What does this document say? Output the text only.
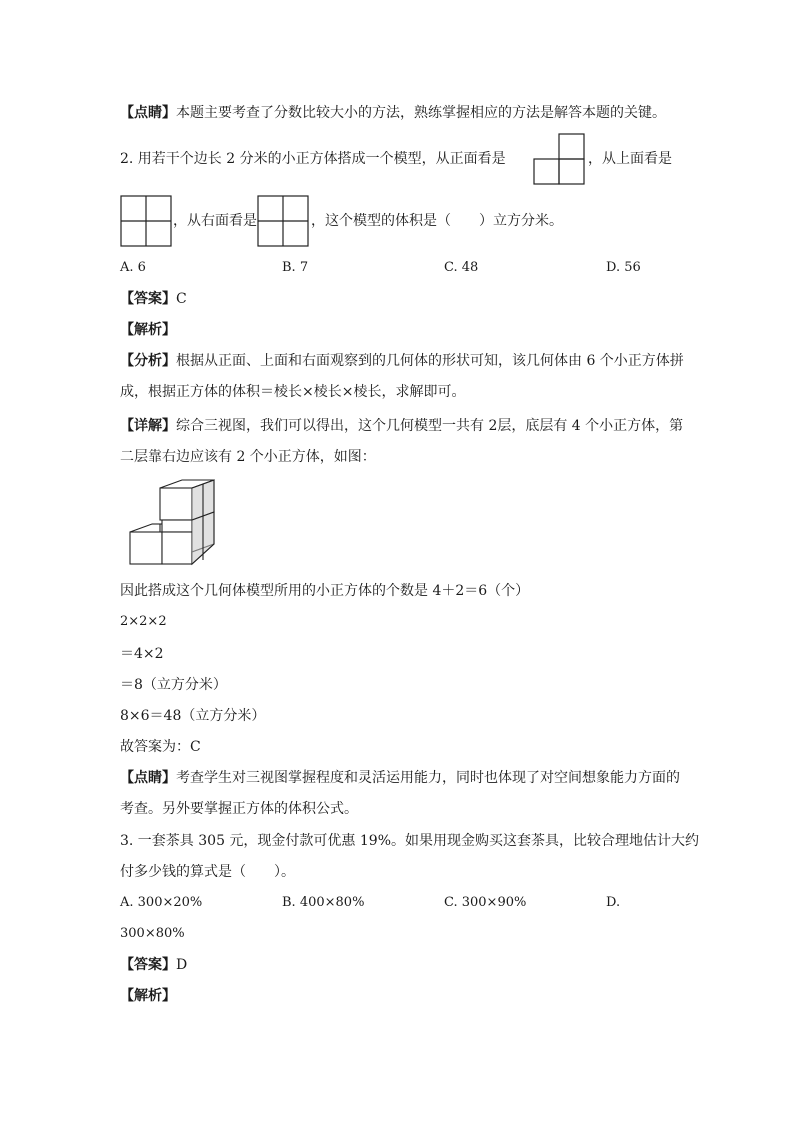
【点睛】本题主要考查了分数比较大小的方法，熟练掌握相应的方法是解答本题的关键。
2. 用若干个边长 2 分米的小正方体搭成一个模型，从正面看是	，从上面看是
，从右面看是	，这个模型的体积是（　　）立方分米。
A. 6	B. 7	C. 48	D. 56
【答案】C
【解析】
【分析】根据从正面、上面和右面观察到的几何体的形状可知，该几何体由 6 个小正方体拼
成，根据正方体的体积＝棱长×棱长×棱长，求解即可。
【详解】综合三视图，我们可以得出，这个几何模型一共有 2层，底层有 4 个小正方体，第
二层靠右边应该有 2 个小正方体，如图：
因此搭成这个几何体模型所用的小正方体的个数是 4＋2＝6（个）
2×2×2
＝4×2
＝8（立方分米）
8×6＝48（立方分米）
故答案为：C
【点睛】考查学生对三视图掌握程度和灵活运用能力，同时也体现了对空间想象能力方面的
考查。另外要掌握正方体的体积公式。
3. 一套茶具 305 元，现金付款可优惠 19%。如果用现金购买这套茶具，比较合理地估计大约
付多少钱的算式是（　　）。
A. 300×20%	B. 400×80%	C. 300×90%	D.
300×80%
【答案】D
【解析】
